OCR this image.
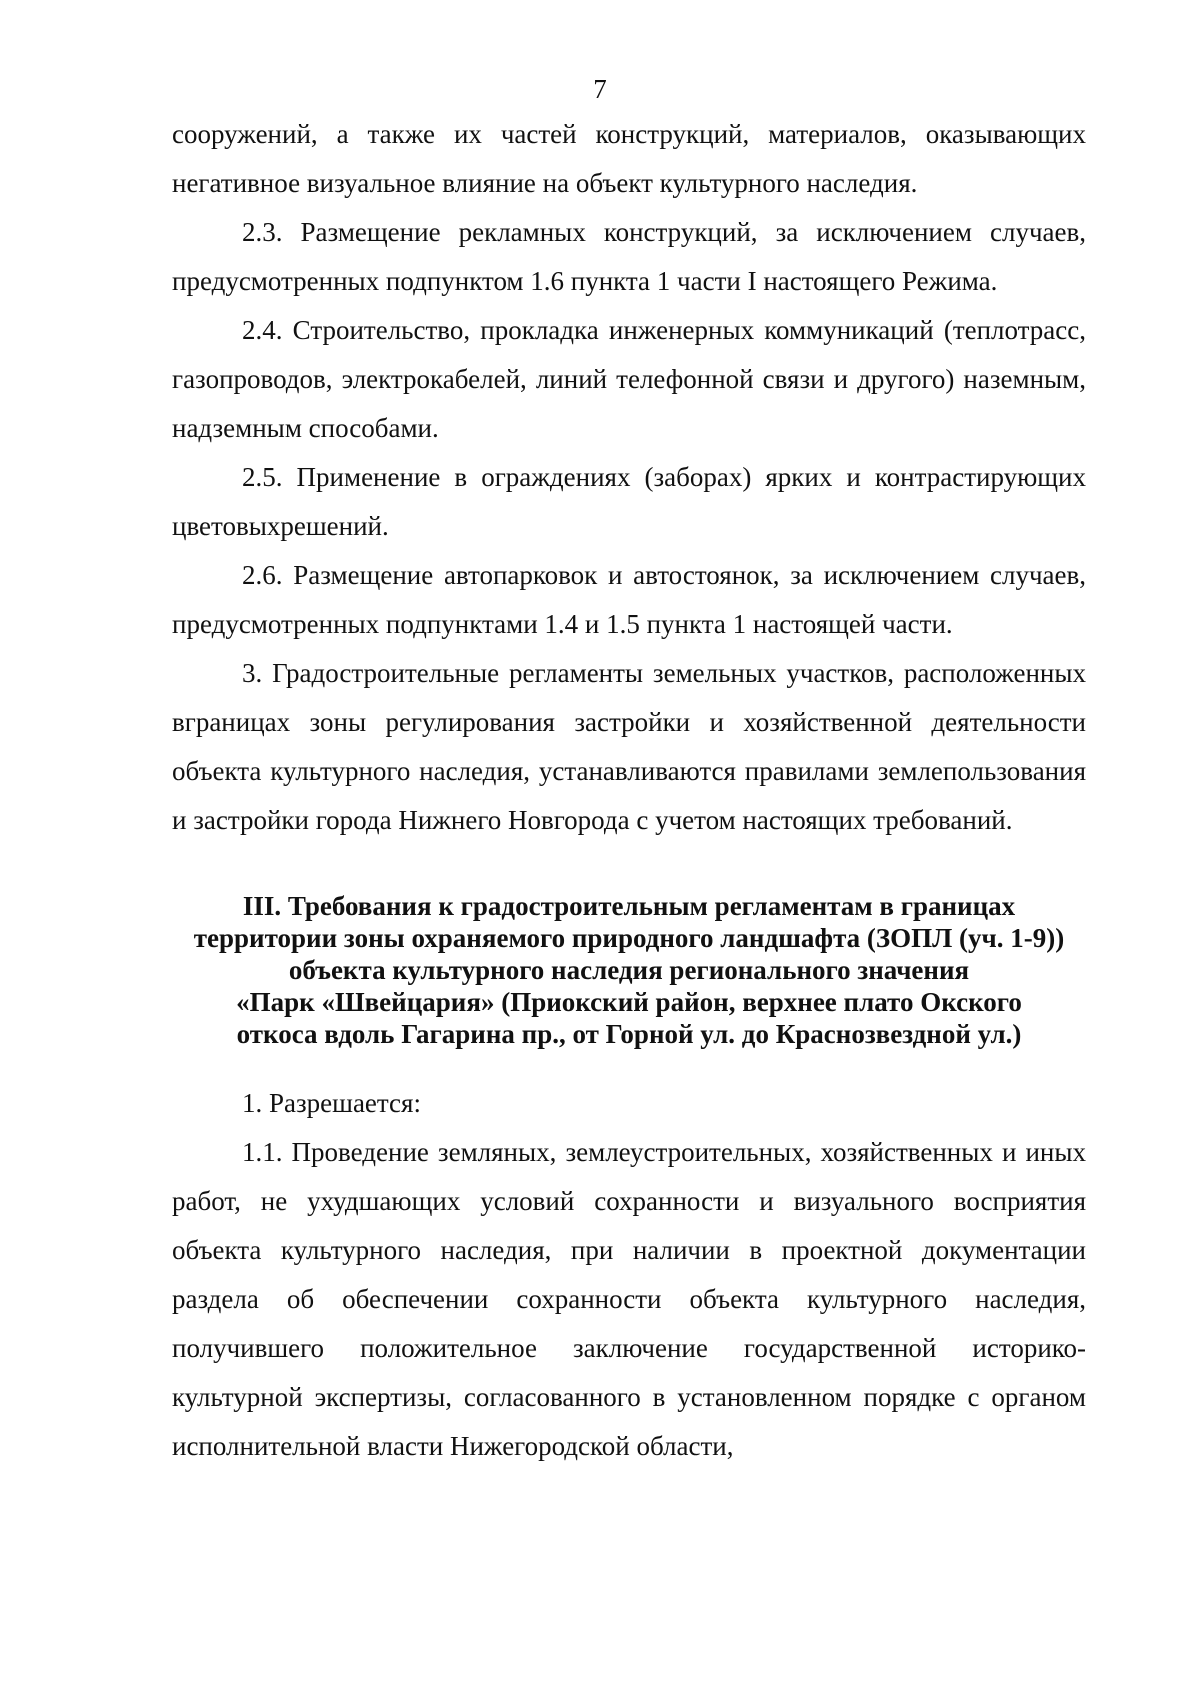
7

сооружений, а также их частей конструкций, материалов, оказывающих негативное визуальное влияние на объект культурного наследия.

2.3. Размещение рекламных конструкций, за исключением случаев, предусмотренных подпунктом 1.6 пункта 1 части I настоящего Режима.

2.4. Строительство, прокладка инженерных коммуникаций (теплотрасс, газопроводов, электрокабелей, линий телефонной связи и другого) наземным, надземным способами.

2.5. Применение в ограждениях (заборах) ярких и контрастирующих цветовыхрешений.

2.6. Размещение автопарковок и автостоянок, за исключением случаев, предусмотренных подпунктами 1.4 и 1.5 пункта 1 настоящей части.

3. Градостроительные регламенты земельных участков, расположенных вграницах зоны регулирования застройки и хозяйственной деятельности объекта культурного наследия, устанавливаются правилами землепользования и застройки города Нижнего Новгорода с учетом настоящих требований.

III. Требования к градостроительным регламентам в границах
территории зоны охраняемого природного ландшафта (ЗОПЛ (уч. 1-9))
объекта культурного наследия регионального значения
«Парк «Швейцария» (Приокский район, верхнее плато Окского
откоса вдоль Гагарина пр., от Горной ул. до Краснозвездной ул.)

1. Разрешается:

1.1. Проведение земляных, землеустроительных, хозяйственных и иных работ, не ухудшающих условий сохранности и визуального восприятия объекта культурного наследия, при наличии в проектной документации раздела об обеспечении сохранности объекта культурного наследия, получившего положительное заключение государственной историко-культурной экспертизы, согласованного в установленном порядке с органом исполнительной власти Нижегородской области,
